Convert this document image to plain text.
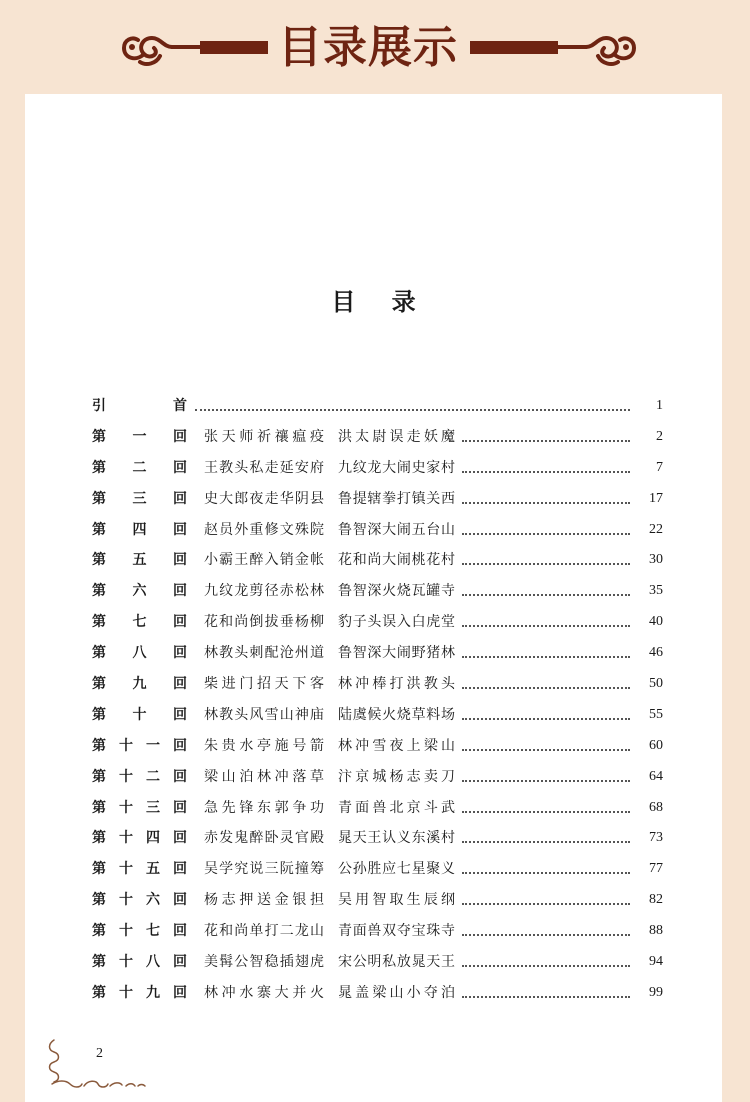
目录展示
目 录
引	首	1
第 一 回 张天师祈禳瘟疫 洪太尉误走妖魔	2
第 二 回 王教头私走延安府 九纹龙大闹史家村	7
第 三 回 史大郎夜走华阴县 鲁提辖拳打镇关西	17
第 四 回 赵员外重修文殊院 鲁智深大闹五台山	22
第 五 回 小霸王醉入销金帐 花和尚大闹桃花村	30
第 六 回 九纹龙剪径赤松林 鲁智深火烧瓦罐寺	35
第 七 回 花和尚倒拔垂杨柳 豹子头误入白虎堂	40
第 八 回 林教头刺配沧州道 鲁智深大闹野猪林	46
第 九 回 柴进门招天下客 林冲棒打洪教头	50
第 十 回 林教头风雪山神庙 陆虞候火烧草料场	55
第 十 一 回 朱贵水亭施号箭 林冲雪夜上梁山	60
第 十 二 回 梁山泊林冲落草 汴京城杨志卖刀	64
第 十 三 回 急先锋东郭争功 青面兽北京斗武	68
第 十 四 回 赤发鬼醉卧灵官殿 晁天王认义东溪村	73
第 十 五 回 吴学究说三阮撞筹 公孙胜应七星聚义	77
第 十 六 回 杨志押送金银担 吴用智取生辰纲	82
第 十 七 回 花和尚单打二龙山 青面兽双夺宝珠寺	88
第 十 八 回 美髯公智稳插翅虎 宋公明私放晁天王	94
第 十 九 回 林冲水寨大并火 晁盖梁山小夺泊	99
2
